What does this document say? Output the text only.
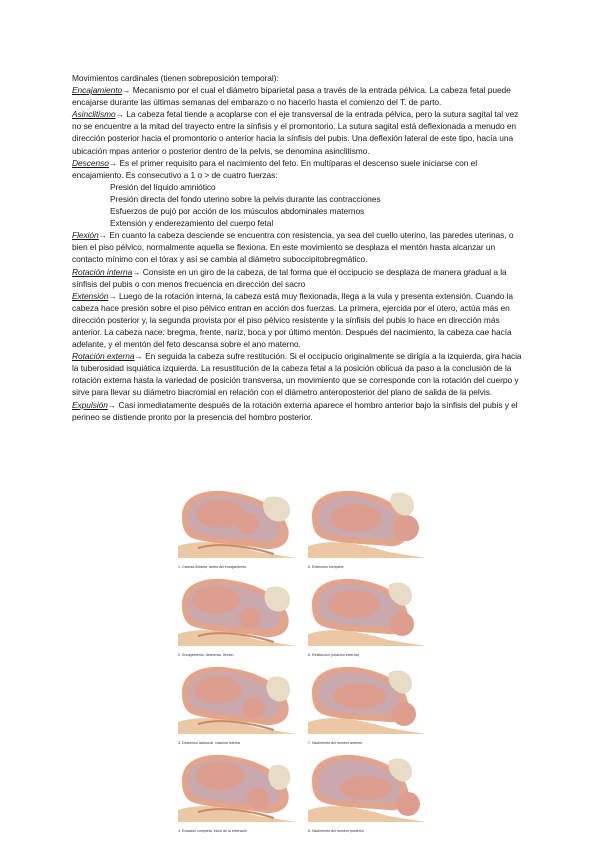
Movimientos cardinales (tienen sobreposición temporal):

Encajamiento→ Mecanismo por el cual el diámetro biparietal pasa a través de la entrada pélvica. La cabeza fetal puede encajarse durante las últimas semanas del embarazo o no hacerlo hasta el comienzo del T. de parto.

Asinclitismo→ La cabeza fetal tiende a acoplarse con el eje transversal de la entrada pélvica, pero la sutura sagital tal vez no se encuentre a la mitad del trayecto entre la sínfisis y el promontorio. La sutura sagital está deflexionada a menudo en dirección posterior hacia el promontorio o anterior hacia la sínfisis del pubis. Una deflexión lateral de este tipo, hacía una ubicación mpas anterior o posterior dentro de la pelvis, se denomina asinclitismo.

Descenso→ Es el primer requisito para el nacimiento del feto. En multíparas el descenso suele iniciarse con el encajamiento. Es consecutivo a 1 o > de cuatro fuerzas:

Presión del líquido amniótico

Presión directa del fondo uterino sobre la pelvis durante las contracciones

Esfuerzos de pujó por acción de los músculos abdominales maternos

Extensión y enderezamiento del cuerpo fetal

Flexión→ En cuanto la cabeza desciende se encuentra con resistencia, ya sea del cuello uterino, las paredes uterinas, o bien el piso pélvico, normalmente aquella se flexiona. En este movimiento se desplaza el mentón hasta alcanzar un contacto mínimo con el tórax y así se cambia al diámetro suboccipitobregmático.

Rotación interna→ Consiste en un giro de la cabeza, de tal forma que el occipucio se desplaza de manera gradual a la sínfisis del pubis o con menos frecuencia en dirección del sacro

Extensión→ Luego de la rotación interna, la cabeza está muy flexionada, llega a la vula y presenta extensión. Cuando la cabeza hace presión sobre el piso pélvico entran en acción dos fuerzas. La primera, ejercida por el útero, actúa más en dirección posterior y, la segunda provista por el piso pélvico resistente y la sínfisis del pubis lo hace en dirección más anterior. La cabeza nace: bregma, frente, nariz, boca y por último mentón. Después del nacimiento, la cabeza cae hacía adelante, y el mentón del feto descansa sobre el ano materno.

Rotación externa→ En seguida la cabeza sufre restitución. Si el occipucio originalmente se dirigía a la izquierda, gira hacia la tuberosidad isquiática izquierda. La resustitución de la cabeza fetal a la posición oblicua da paso a la conclusión de la rotación externa hasta la variedad de posición transversa, un movimiento que se corresponde con la rotación del cuerpo y sirve para llevar su diámetro biacromial en relación con el diámetro anteroposterior del plano de salida de la pelvis.

Expulsión→ Casi inmediatamente después de la rotación externa aparece el hombro anterior bajo la sínfisis del pubis y el perineo se distiende pronto por la presencia del hombro posterior.

1. Cabeza flotante, antes del encajamiento
2. Encajamiento, descenso, flexión
3. Descenso adicional, rotación interna
4. Rotación completa, inicio de la extensión
5. Extensión completa
6. Restitución (rotación externa)
7. Nacimiento del hombro anterior
8. Nacimiento del hombro posterior
